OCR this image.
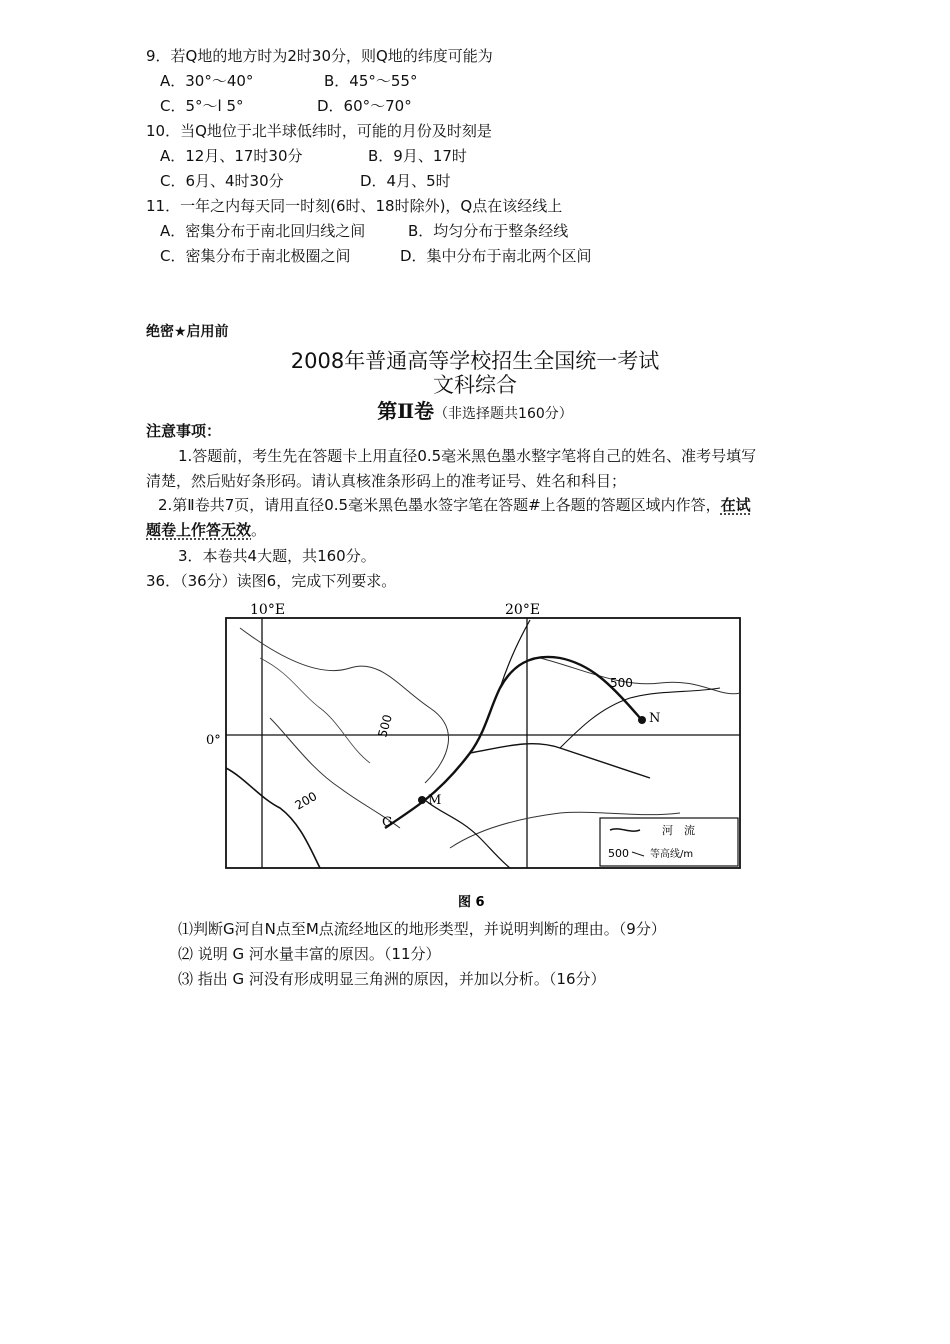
9．若Q地的地方时为2时30分，则Q地的纬度可能为
A．30°～40°	B．45°～55°
C．5°～l 5°	D．60°～70°
10．当Q地位于北半球低纬时，可能的月份及时刻是
A．12月、17时30分	B．9月、17时
C．6月、4时30分	D．4月、5时
11．一年之内每天同一时刻(6时、18时除外)，Q点在该经线上
A．密集分布于南北回归线之间	B．均匀分布于整条经线
C．密集分布于南北极圈之间	D．集中分布于南北两个区间
绝密★启用前
2008年普通高等学校招生全国统一考试
文科综合
第Ⅱ卷（非选择题共160分）
注意事项：
1.答题前，考生先在答题卡上用直径0.5毫米黑色墨水整字笔将自己的姓名、准考号填写
清楚，然后贴好条形码。请认真核准条形码上的准考证号、姓名和科目；
2.第Ⅱ卷共7页，请用直径0.5毫米黑色墨水签字笔在答题#上各题的答题区域内作答，在试
题卷上作答无效。
3．本卷共4大题，共160分。
36．（36分）读图6，完成下列要求。
10°E	20°E
0°
N
M
G
500
500
200
河　流
500 等高线/m
图 6
⑴判断G河自N点至M点流经地区的地形类型，并说明判断的理由。（9分）
⑵ 说明 G 河水量丰富的原因。（11分）
⑶ 指出 G 河没有形成明显三角洲的原因，并加以分析。（16分）
